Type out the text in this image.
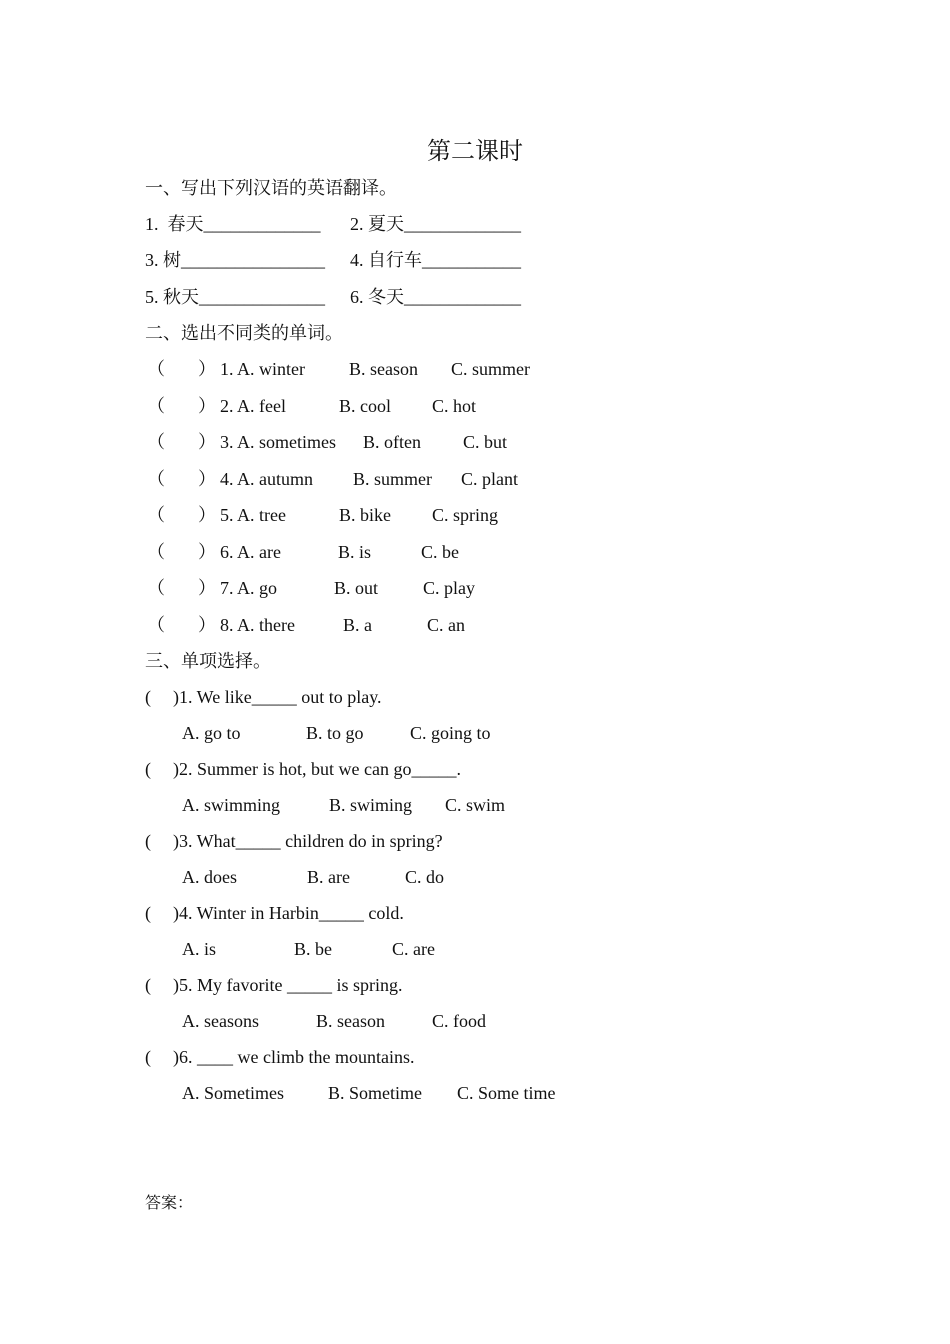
第二课时
一、写出下列汉语的英语翻译。
1.  春天_____________ 2. 夏天_____________
3. 树________________ 4. 自行车___________
5. 秋天______________ 6. 冬天_____________
二、选出不同类的单词。
（ ） 1. A. winter B. season C. summer
（ ） 2. A. feel	B. cool C. hot
（ ） 3. A. sometimes B. often C. but
（ ） 4. A. autumn B. summer C. plant
（ ） 5. A. tree	B. bike C. spring
（ ） 6. A. are	B. is	C. be
（ ） 7. A. go	B. out C. play
（ ） 8. A. there	B. a	C. an
三、单项选择。
( )1. We like_____ out to play.
A. go to	B. to go	C. going to
( )2. Summer is hot, but we can go_____.
A. swimming	B. swiming C. swim
( )3. What_____ children do in spring?
A. does	B. are	C. do
( )4. Winter in Harbin_____ cold.
A. is	B. be	C. are
( )5. My favorite _____ is spring.
A. seasons	B. season	C. food
( )6. ____ we climb the mountains.
A. Sometimes B. Sometime C. Some time
答案：
